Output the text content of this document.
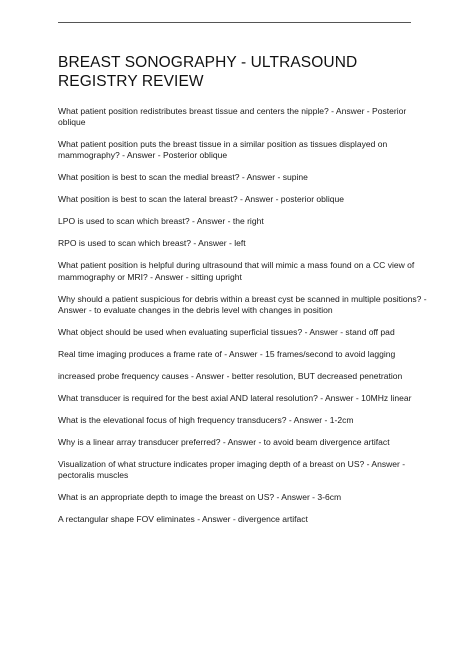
BREAST SONOGRAPHY - ULTRASOUND REGISTRY REVIEW
What patient position redistributes breast tissue and centers the nipple? - Answer - Posterior oblique
What patient position puts the breast tissue in a similar position as tissues displayed on mammography? - Answer - Posterior oblique
What position is best to scan the medial breast? - Answer - supine
What position is best to scan the lateral breast? - Answer - posterior oblique
LPO is used to scan which breast? - Answer - the right
RPO is used to scan which breast? - Answer - left
What patient position is helpful during ultrasound that will mimic a mass found on a CC view of mammography or MRI? - Answer - sitting upright
Why should a patient suspicious for debris within a breast cyst be scanned in multiple positions? - Answer - to evaluate changes in the debris level with changes in position
What object should be used when evaluating superficial tissues? - Answer - stand off pad
Real time imaging produces a frame rate of - Answer - 15 frames/second to avoid lagging
increased probe frequency causes - Answer - better resolution, BUT decreased penetration
What transducer is required for the best axial AND lateral resolution? - Answer - 10MHz linear
What is the elevational focus of high frequency transducers? - Answer - 1-2cm
Why is a linear array transducer preferred? - Answer - to avoid beam divergence artifact
Visualization of what structure indicates proper imaging depth of a breast on US? - Answer - pectoralis muscles
What is an appropriate depth to image the breast on US? - Answer - 3-6cm
A rectangular shape FOV eliminates - Answer - divergence artifact
